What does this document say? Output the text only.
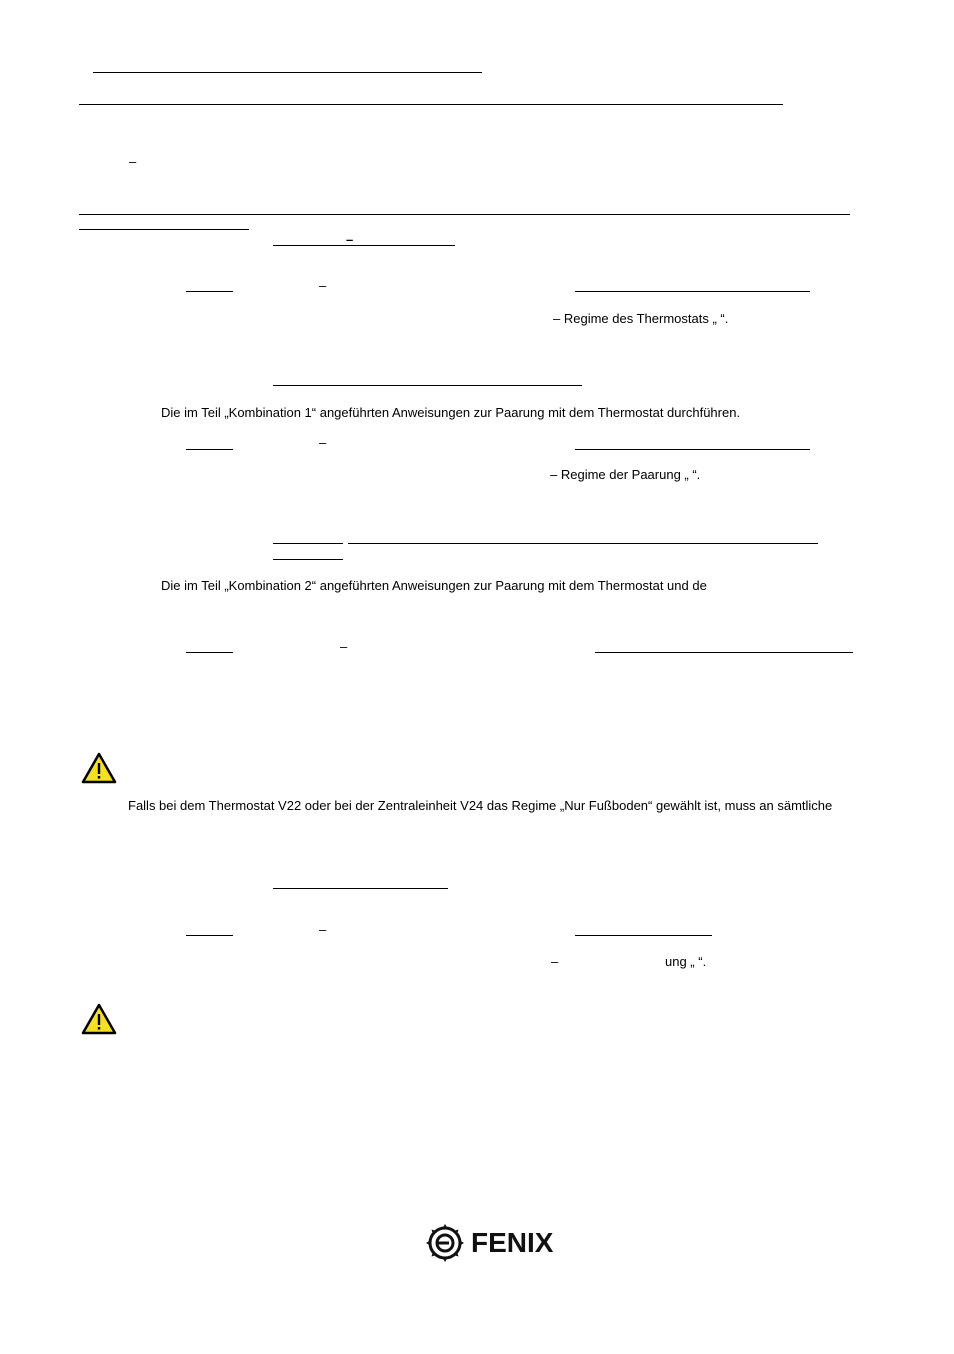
–
–
–
– Regime des Thermostats „ “.
Die im Teil „Kombination 1“ angeführten Anweisungen zur Paarung mit dem Thermostat durchführen.
–
– Regime der Paarung „ “.
Die im Teil „Kombination 2“ angeführten Anweisungen zur Paarung mit dem Thermostat und de
–
Falls bei dem Thermostat V22 oder bei der Zentraleinheit V24 das Regime „Nur Fußboden“ gewählt ist, muss an sämtliche
–
–	ung „ “.
FENIX
